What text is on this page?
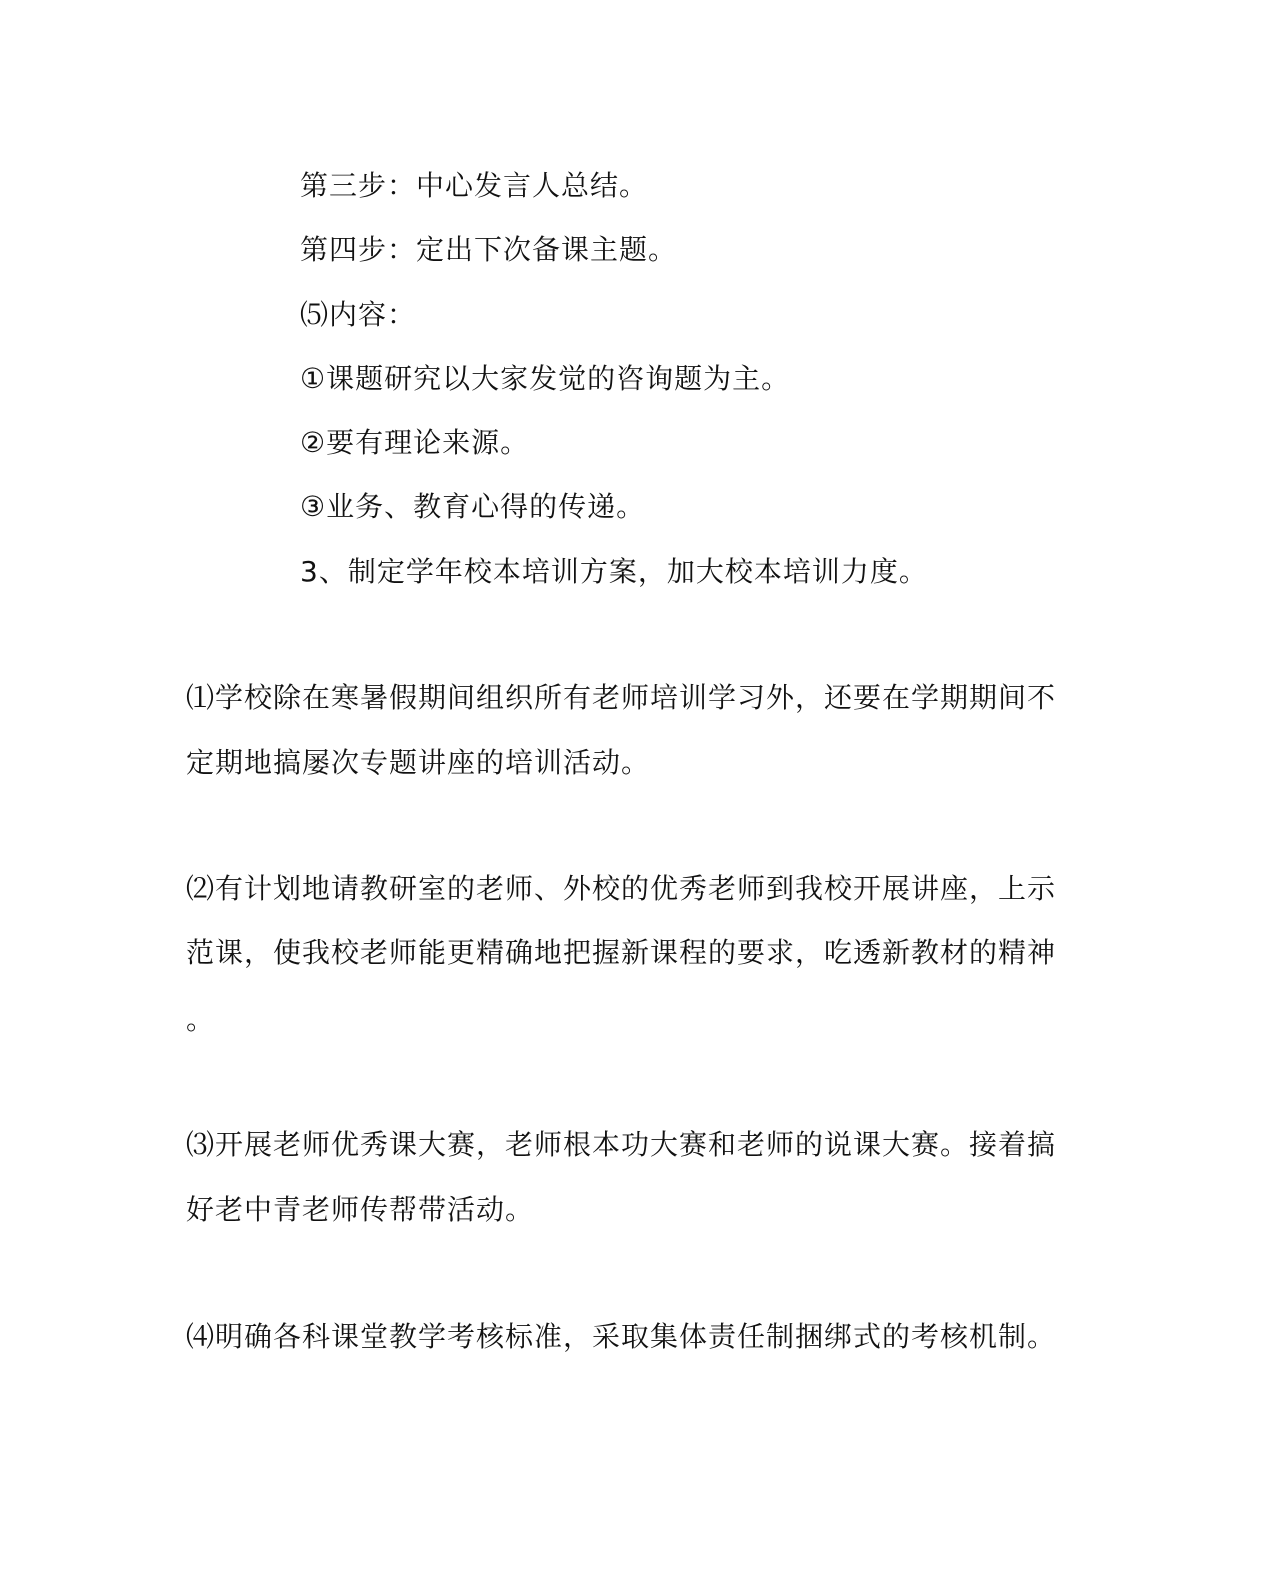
第三步：中心发言人总结。
第四步：定出下次备课主题。
⑸内容：
①课题研究以大家发觉的咨询题为主。
②要有理论来源。
③业务、教育心得的传递。
3、制定学年校本培训方案，加大校本培训力度。
⑴学校除在寒暑假期间组织所有老师培训学习外，还要在学期期间不
定期地搞屡次专题讲座的培训活动。
⑵有计划地请教研室的老师、外校的优秀老师到我校开展讲座，上示
范课，使我校老师能更精确地把握新课程的要求，吃透新教材的精神
。
⑶开展老师优秀课大赛，老师根本功大赛和老师的说课大赛。接着搞
好老中青老师传帮带活动。
⑷明确各科课堂教学考核标准，采取集体责任制捆绑式的考核机制。
